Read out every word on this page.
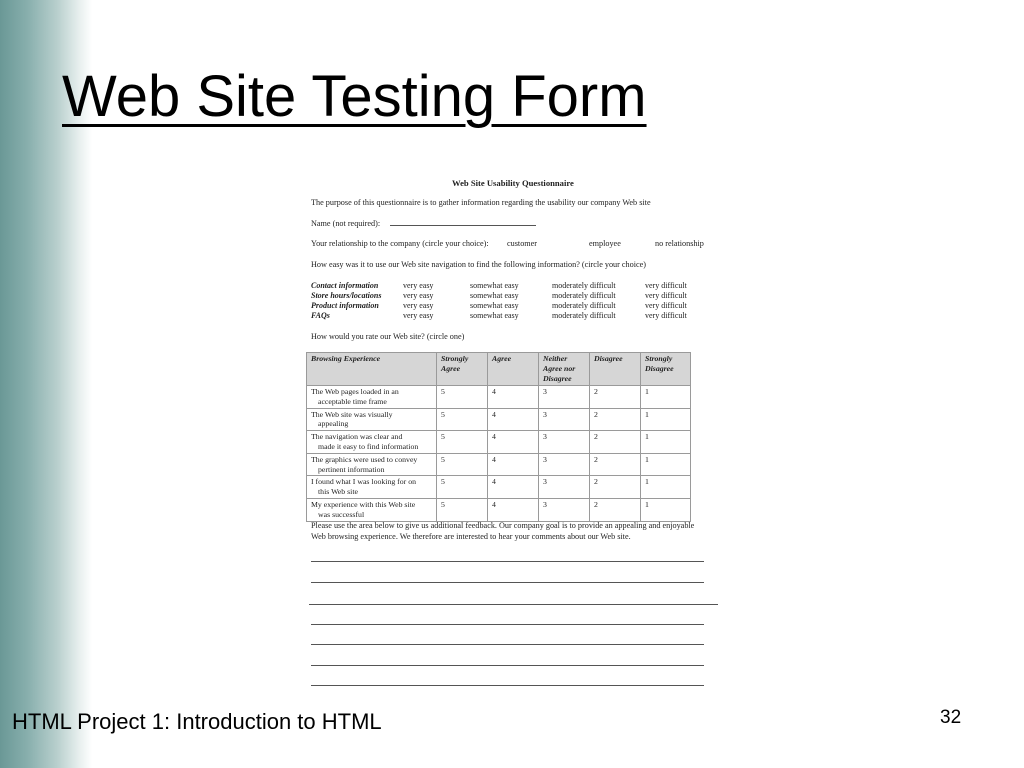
Web Site Testing Form
Web Site Usability Questionnaire
The purpose of this questionnaire is to gather information regarding the usability our company Web site
Name (not required):
Your relationship to the company (circle your choice): customer	employee	no relationship
How easy was it to use our Web site navigation to find the following information? (circle your choice)
Contact information	very easy	somewhat easy	moderately difficult	very difficult
Store hours/locations	very easy	somewhat easy	moderately difficult	very difficult
Product information	very easy	somewhat easy	moderately difficult	very difficult
FAQs	very easy	somewhat easy	moderately difficult	very difficult
How would you rate our Web site? (circle one)
Browsing Experience	Strongly Agree	Agree	Neither Agree nor Disagree	Disagree	Strongly Disagree
The Web pages loaded in an
acceptable time frame	5	4	3	2	1
The Web site was visually
appealing	5	4	3	2	1
The navigation was clear and
made it easy to find information	5	4	3	2	1
The graphics were used to convey
pertinent information	5	4	3	2	1
I found what I was looking for on
this Web site	5	4	3	2	1
My experience with this Web site
was successful	5	4	3	2	1
Please use the area below to give us additional feedback. Our company goal is to provide an appealing and enjoyable Web browsing experience. We therefore are interested to hear your comments about our Web site.
HTML Project 1: Introduction to HTML	32
